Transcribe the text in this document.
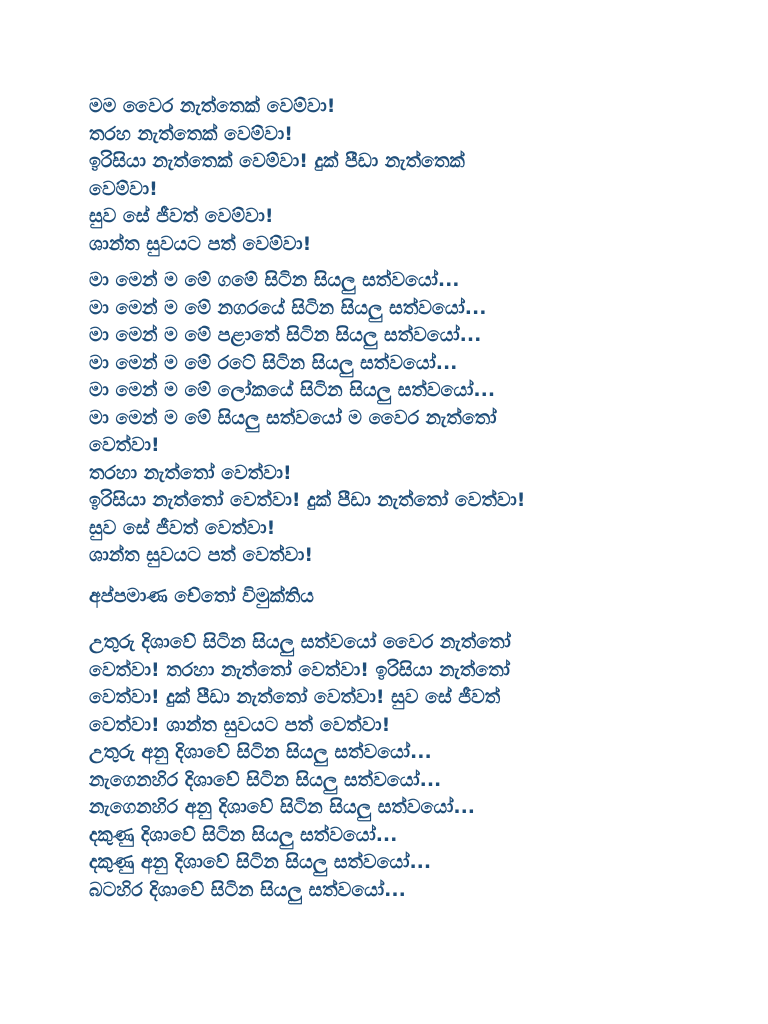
මම වෛර නැත්තෙක් වෙම්වා!
තරහ නැත්තෙක් වෙම්වා!
ඉරිසියා නැත්තෙක් වෙම්වා! දුක් පීඩා නැත්තෙක්
වෙම්වා!
සුව සේ ජීවත් වෙම්වා!
ශාන්ත සුවයට පත් වෙම්වා!
මා මෙන් ම මේ ගමේ සිටින සියලු සත්වයෝ...
මා මෙන් ම මේ නගරයේ සිටින සියලු සත්වයෝ...
මා මෙන් ම මේ පළාතේ සිටින සියලු සත්වයෝ...
මා මෙන් ම මේ රටේ සිටින සියලු සත්වයෝ...
මා මෙන් ම මේ ලෝකයේ සිටින සියලු සත්වයෝ...
මා මෙන් ම මේ සියලු සත්වයෝ ම වෛර නැත්තෝ
වෙත්වා!
තරහා නැත්තෝ වෙත්වා!
ඉරිසියා නැත්තෝ වෙත්වා! දුක් පීඩා නැත්තෝ වෙත්වා!
සුව සේ ජීවත් වෙත්වා!
ශාන්ත සුවයට පත් වෙත්වා!
අප්පමාණ චේතෝ විමුක්තිය
උතුරු දිශාවේ සිටින සියලු සත්වයෝ වෛර නැත්තෝ
වෙත්වා! තරහා නැත්තෝ වෙත්වා! ඉරිසියා නැත්තෝ
වෙත්වා! දුක් පීඩා නැත්තෝ වෙත්වා! සුව සේ ජීවත්
වෙත්වා! ශාන්ත සුවයට පත් වෙත්වා!
උතුරු අනු දිශාවේ සිටින සියලු සත්වයෝ...
නැගෙනහිර දිශාවේ සිටින සියලු සත්වයෝ...
නැගෙනහිර අනු දිශාවේ සිටින සියලු සත්වයෝ...
දකුණු දිශාවේ සිටින සියලු සත්වයෝ...
දකුණු අනු දිශාවේ සිටින සියලු සත්වයෝ...
බටහිර දිශාවේ සිටින සියලු සත්වයෝ...
